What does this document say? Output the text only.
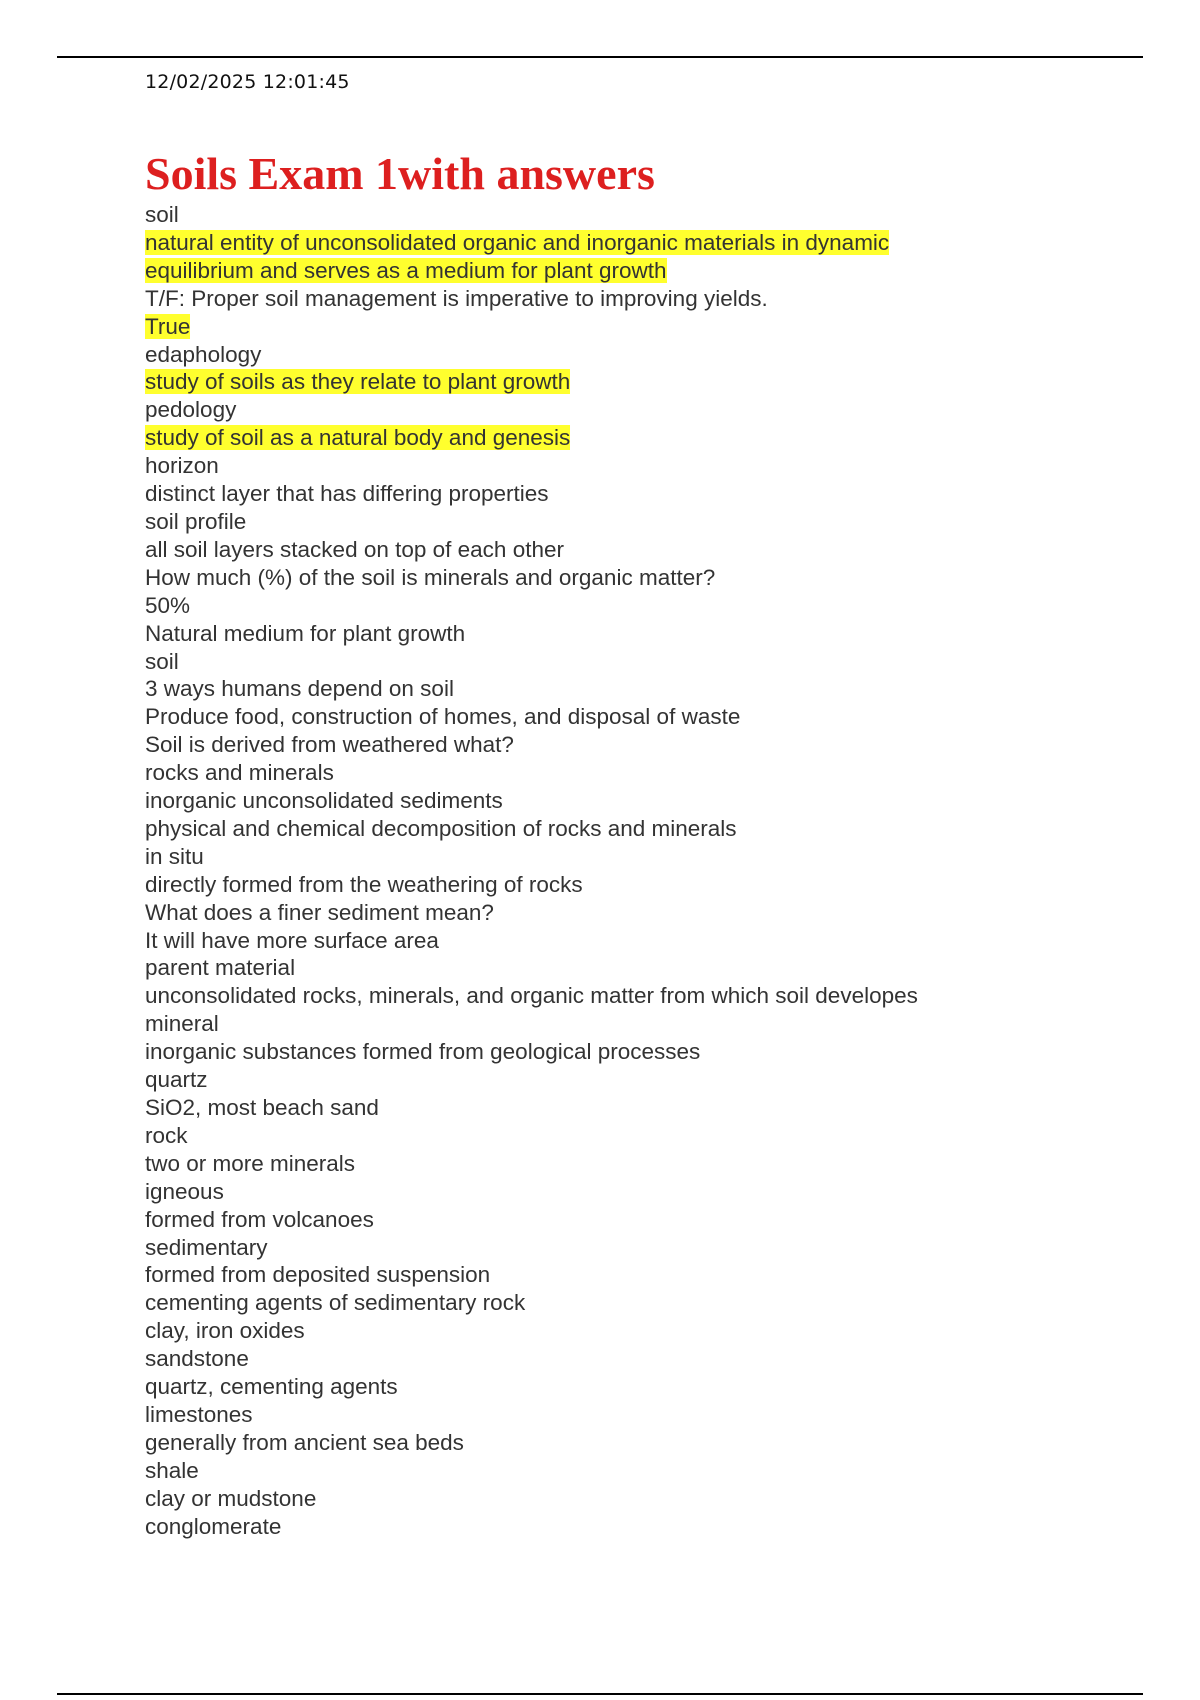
12/02/2025 12:01:45
Soils Exam 1with answers
soil
natural entity of unconsolidated organic and inorganic materials in dynamic
equilibrium and serves as a medium for plant growth
T/F: Proper soil management is imperative to improving yields.
True
edaphology
study of soils as they relate to plant growth
pedology
study of soil as a natural body and genesis
horizon
distinct layer that has differing properties
soil profile
all soil layers stacked on top of each other
How much (%) of the soil is minerals and organic matter?
50%
Natural medium for plant growth
soil
3 ways humans depend on soil
Produce food, construction of homes, and disposal of waste
Soil is derived from weathered what?
rocks and minerals
inorganic unconsolidated sediments
physical and chemical decomposition of rocks and minerals
in situ
directly formed from the weathering of rocks
What does a finer sediment mean?
It will have more surface area
parent material
unconsolidated rocks, minerals, and organic matter from which soil developes
mineral
inorganic substances formed from geological processes
quartz
SiO2, most beach sand
rock
two or more minerals
igneous
formed from volcanoes
sedimentary
formed from deposited suspension
cementing agents of sedimentary rock
clay, iron oxides
sandstone
quartz, cementing agents
limestones
generally from ancient sea beds
shale
clay or mudstone
conglomerate
